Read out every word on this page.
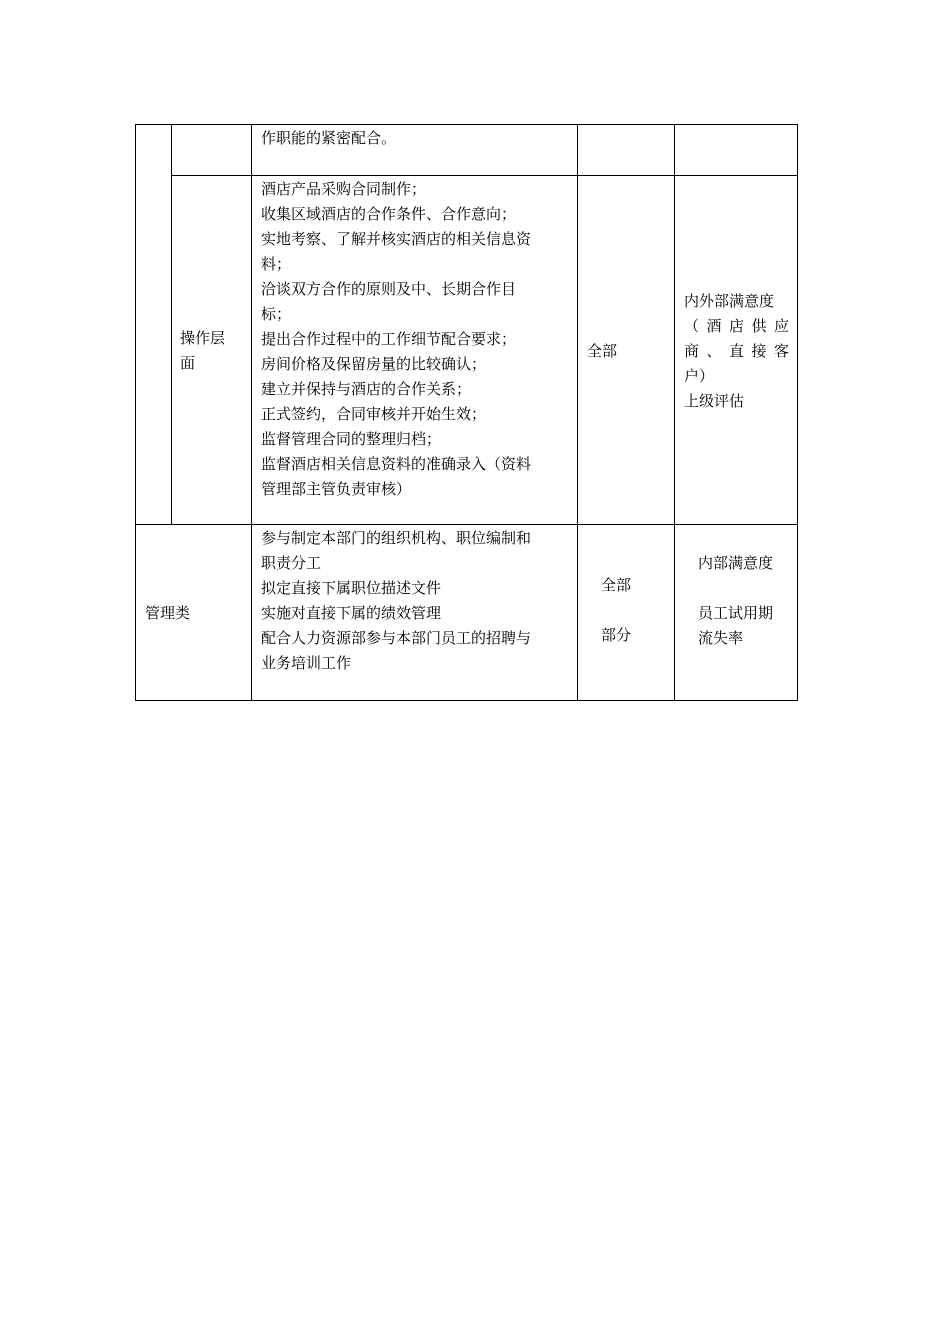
作职能的紧密配合。

操作层

面

酒店产品采购合同制作；

收集区域酒店的合作条件、合作意向；

实地考察、了解并核实酒店的相关信息资

料；

洽谈双方合作的原则及中、长期合作目

标；

提出合作过程中的工作细节配合要求；

房间价格及保留房量的比较确认；

建立并保持与酒店的合作关系；

正式签约，合同审核并开始生效；

监督管理合同的整理归档；

监督酒店相关信息资料的准确录入（资料

管理部主管负责审核）

全部

内外部满意度

（酒店供应

商、直接客

户）

上级评估

管理类

参与制定本部门的组织机构、职位编制和

职责分工

拟定直接下属职位描述文件

实施对直接下属的绩效管理

配合人力资源部参与本部门员工的招聘与

业务培训工作

全部
部分
内部满意度
员工试用期
流失率
